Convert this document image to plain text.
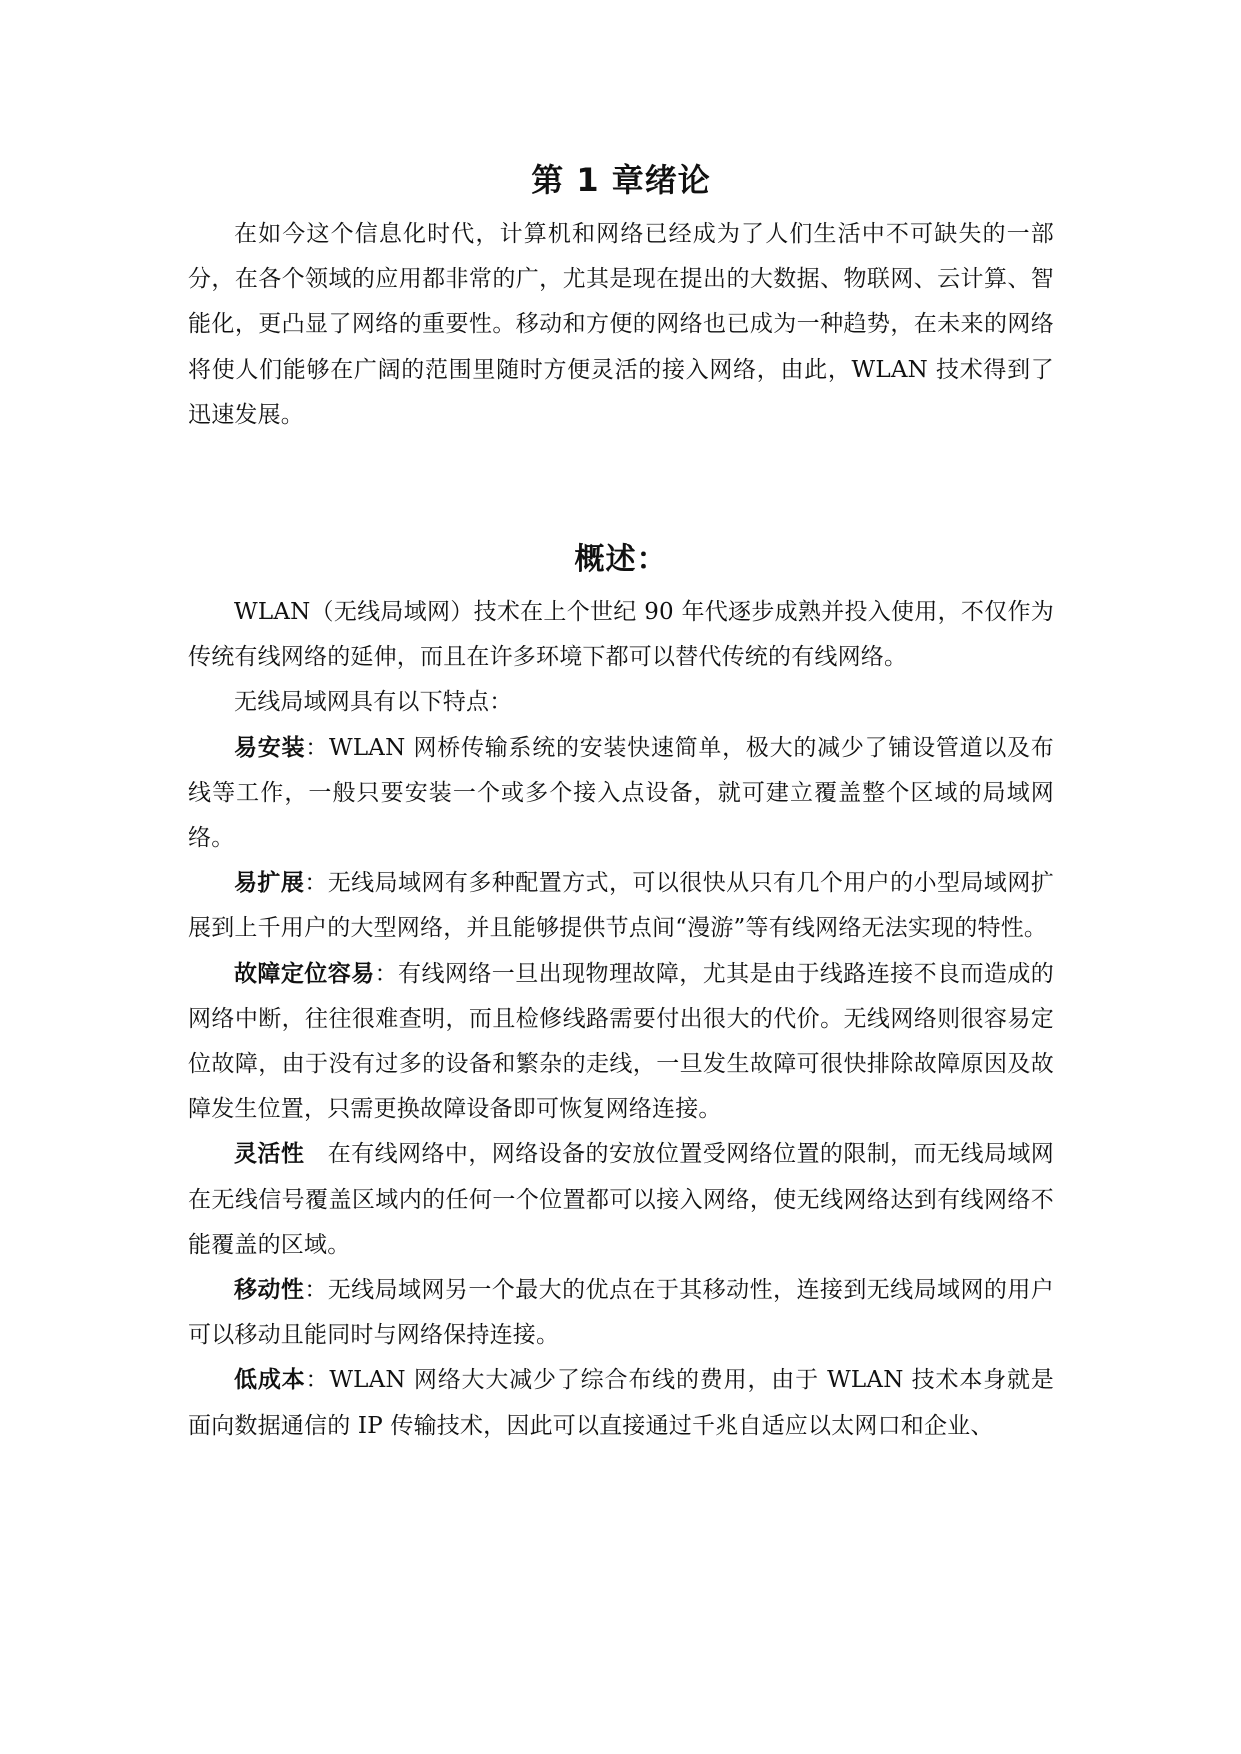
第 1 章绪论

在如今这个信息化时代，计算机和网络已经成为了人们生活中不可缺失的一部分，在各个领域的应用都非常的广，尤其是现在提出的大数据、物联网、云计算、智能化，更凸显了网络的重要性。移动和方便的网络也已成为一种趋势，在未来的网络将使人们能够在广阔的范围里随时方便灵活的接入网络，由此，WLAN 技术得到了迅速发展。

概述：

WLAN（无线局域网）技术在上个世纪 90 年代逐步成熟并投入使用，不仅作为传统有线网络的延伸，而且在许多环境下都可以替代传统的有线网络。

无线局域网具有以下特点：

易安装：WLAN 网桥传输系统的安装快速简单，极大的减少了铺设管道以及布线等工作，一般只要安装一个或多个接入点设备，就可建立覆盖整个区域的局域网络。

易扩展：无线局域网有多种配置方式，可以很快从只有几个用户的小型局域网扩展到上千用户的大型网络，并且能够提供节点间“漫游”等有线网络无法实现的特性。

故障定位容易：有线网络一旦出现物理故障，尤其是由于线路连接不良而造成的网络中断，往往很难查明，而且检修线路需要付出很大的代价。无线网络则很容易定位故障，由于没有过多的设备和繁杂的走线，一旦发生故障可很快排除故障原因及故障发生位置，只需更换故障设备即可恢复网络连接。

灵活性　 在有线网络中，网络设备的安放位置受网络位置的限制，而无线局域网在无线信号覆盖区域内的任何一个位置都可以接入网络，使无线网络达到有线网络不能覆盖的区域。

移动性：无线局域网另一个最大的优点在于其移动性，连接到无线局域网的用户可以移动且能同时与网络保持连接。

低成本：WLAN 网络大大减少了综合布线的费用，由于 WLAN 技术本身就是面向数据通信的 IP 传输技术，因此可以直接通过千兆自适应以太网口和企业、
